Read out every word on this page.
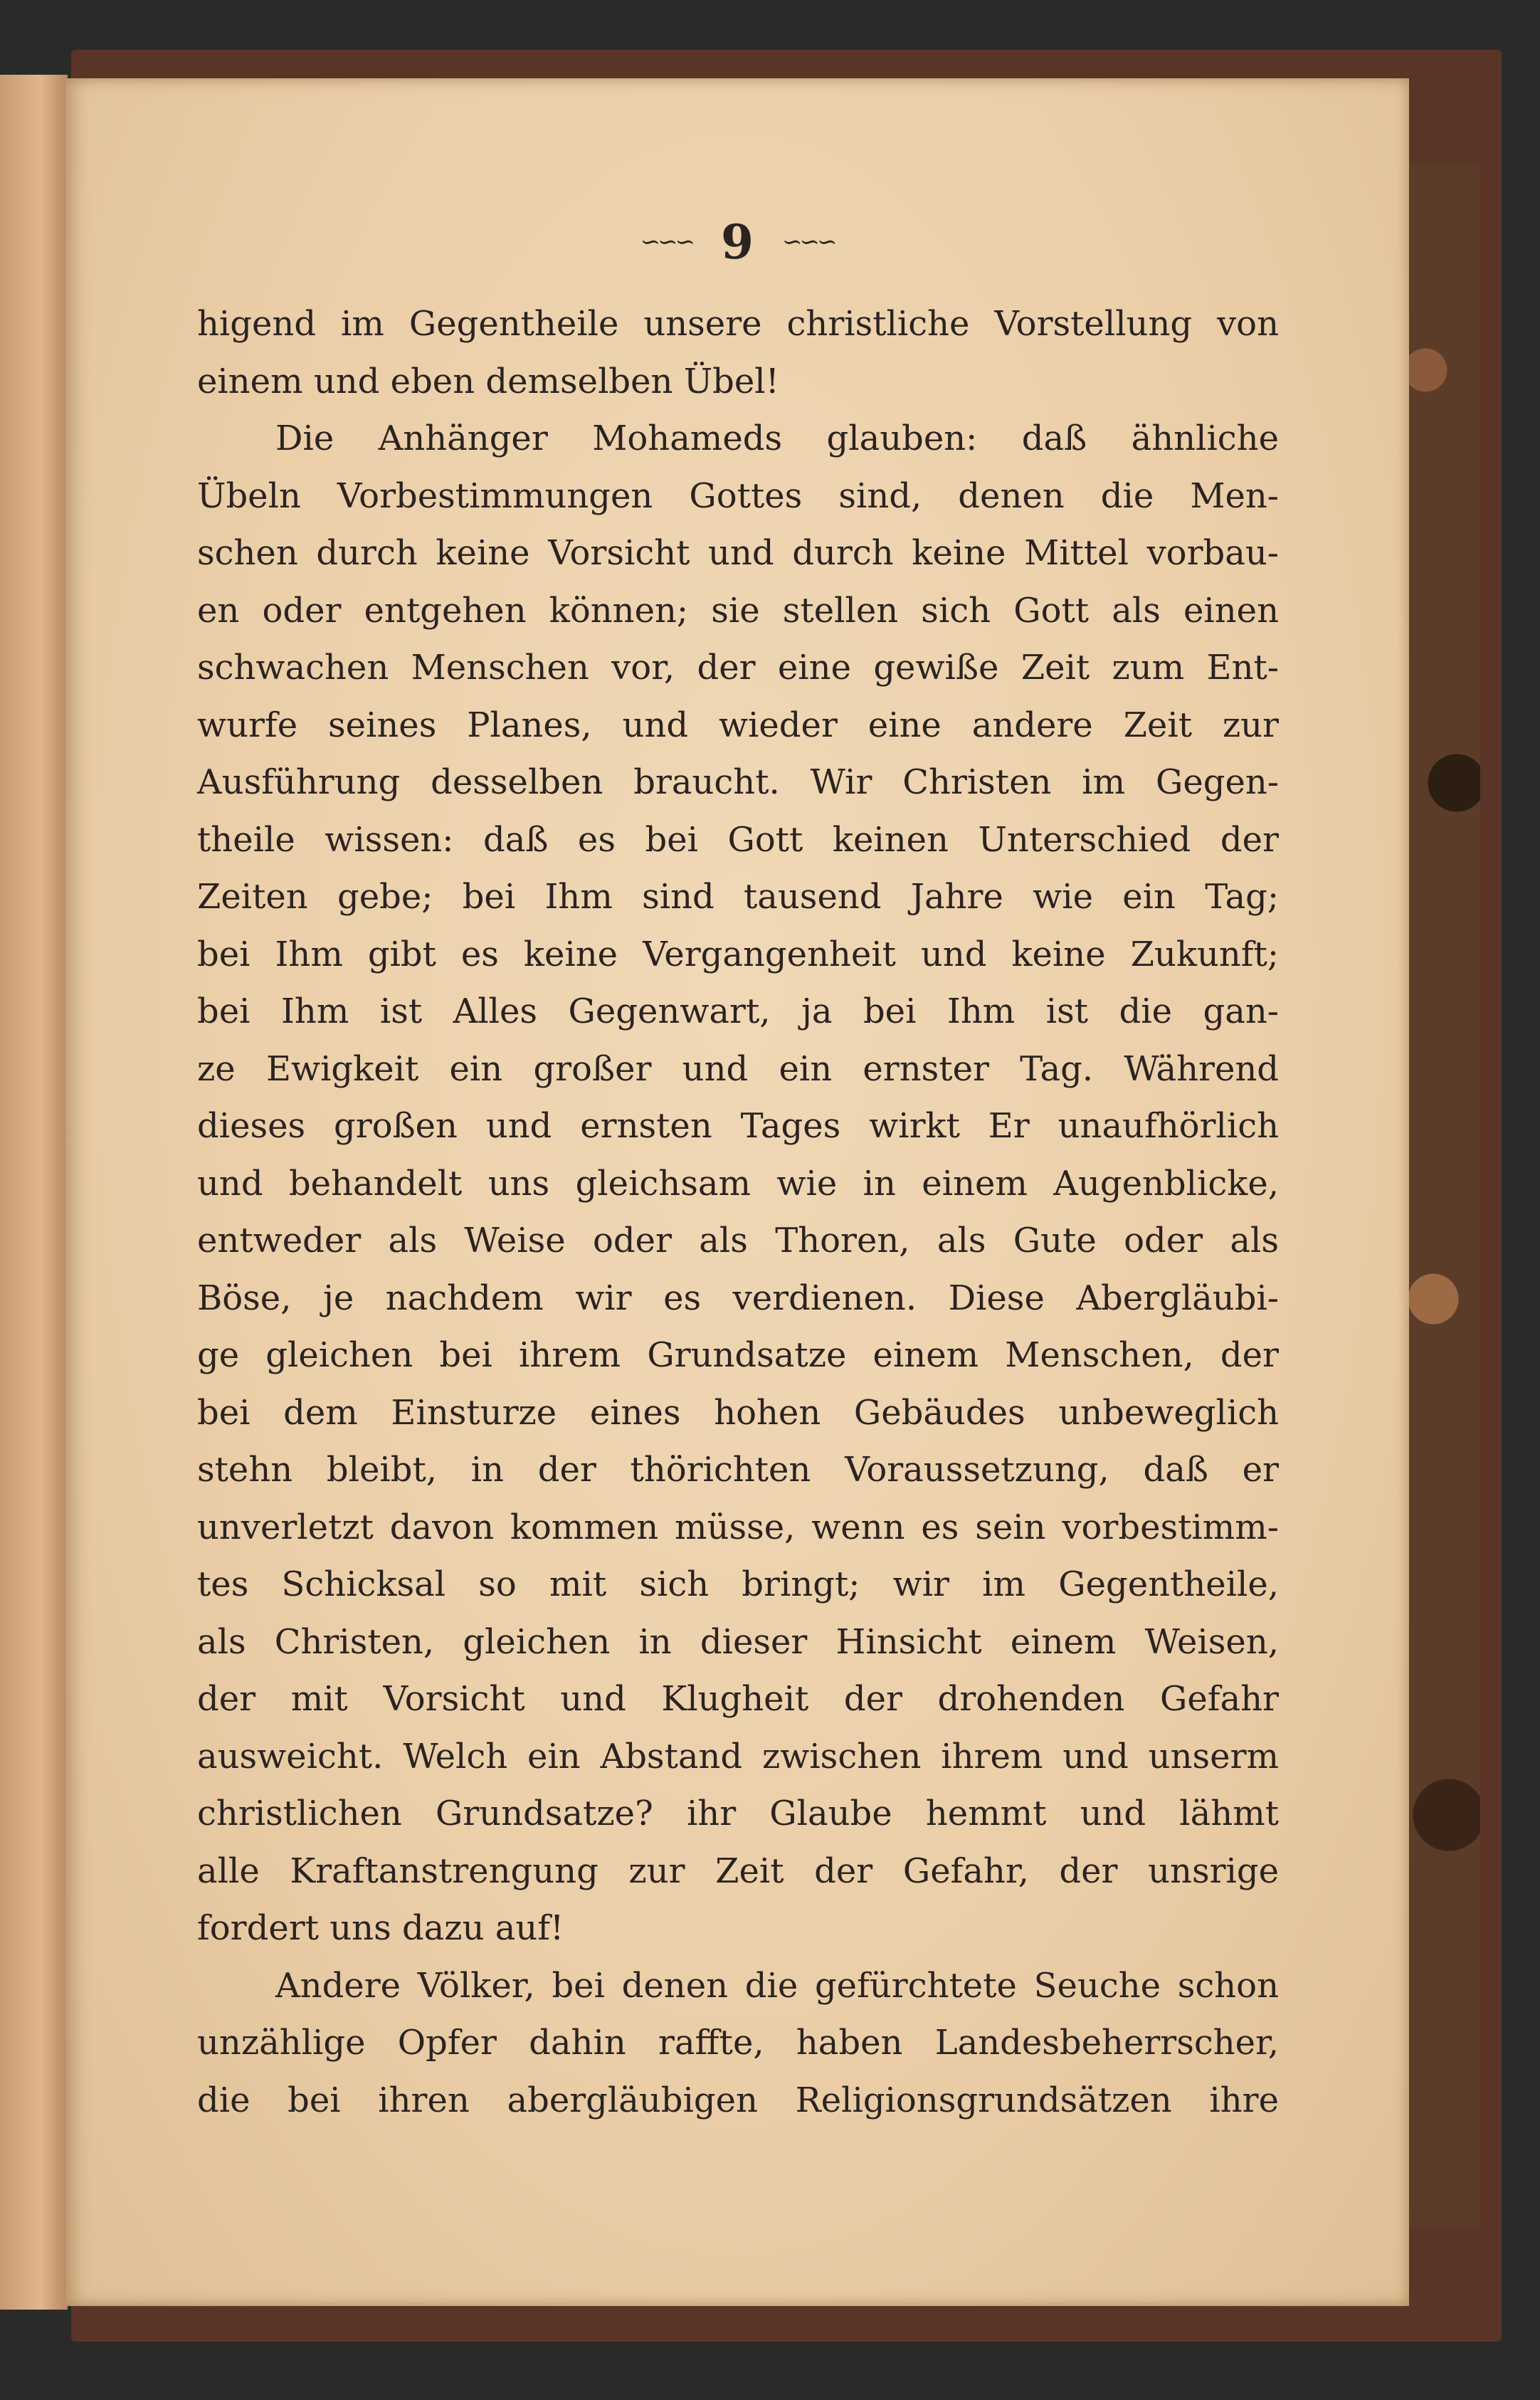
∽∽∽ 9 ∽∽∽
higend im Gegentheile unsere christliche Vorstellung von
einem und eben demselben Übel!
Die Anhänger Mohameds glauben: daß ähnliche
Übeln Vorbestimmungen Gottes sind, denen die Men-
schen durch keine Vorsicht und durch keine Mittel vorbau-
en oder entgehen können; sie stellen sich Gott als einen
schwachen Menschen vor, der eine gewiße Zeit zum Ent-
wurfe seines Planes, und wieder eine andere Zeit zur
Ausführung desselben braucht. Wir Christen im Gegen-
theile wissen: daß es bei Gott keinen Unterschied der
Zeiten gebe; bei Ihm sind tausend Jahre wie ein Tag;
bei Ihm gibt es keine Vergangenheit und keine Zukunft;
bei Ihm ist Alles Gegenwart, ja bei Ihm ist die gan-
ze Ewigkeit ein großer und ein ernster Tag. Während
dieses großen und ernsten Tages wirkt Er unaufhörlich
und behandelt uns gleichsam wie in einem Augenblicke,
entweder als Weise oder als Thoren, als Gute oder als
Böse, je nachdem wir es verdienen. Diese Abergläubi-
ge gleichen bei ihrem Grundsatze einem Menschen, der
bei dem Einsturze eines hohen Gebäudes unbeweglich
stehn bleibt, in der thörichten Voraussetzung, daß er
unverletzt davon kommen müsse, wenn es sein vorbestimm-
tes Schicksal so mit sich bringt; wir im Gegentheile,
als Christen, gleichen in dieser Hinsicht einem Weisen,
der mit Vorsicht und Klugheit der drohenden Gefahr
ausweicht. Welch ein Abstand zwischen ihrem und unserm
christlichen Grundsatze? ihr Glaube hemmt und lähmt
alle Kraftanstrengung zur Zeit der Gefahr, der unsrige
fordert uns dazu auf!
Andere Völker, bei denen die gefürchtete Seuche schon
unzählige Opfer dahin raffte, haben Landesbeherrscher,
die bei ihren abergläubigen Religionsgrundsätzen ihre
